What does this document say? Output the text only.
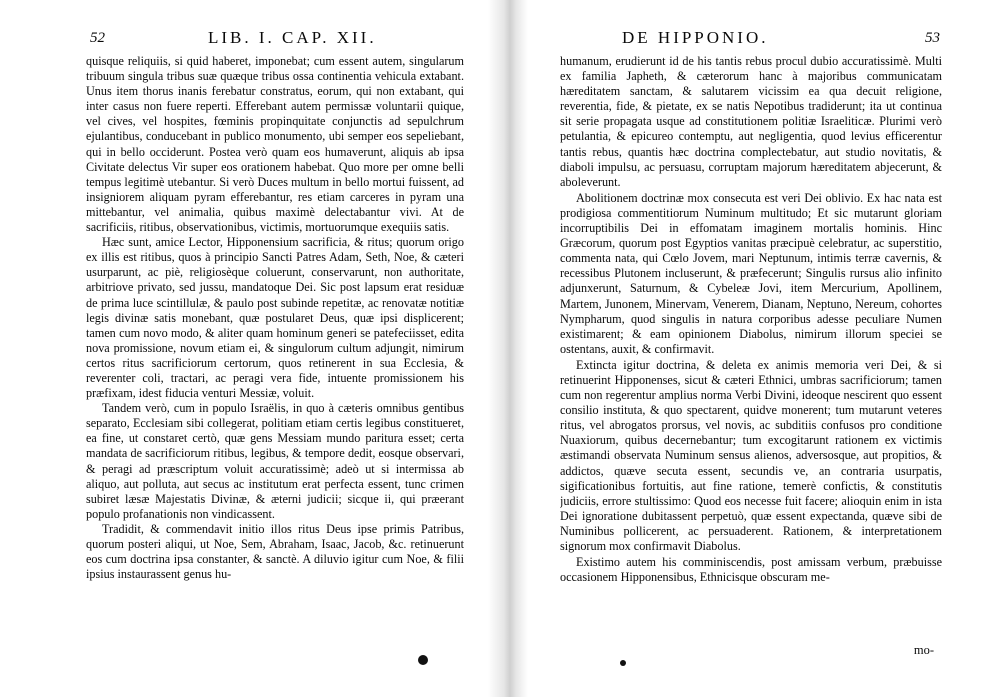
52	LIB. I. CAP. XII.

quisque reliquiis, si quid haberet, imponebat; cum essent autem, singularum tribuum singula tribus suæ quæque tribus ossa continentia vehicula extabant. Unus item thorus inanis ferebatur constratus, eorum, qui non extabant, qui inter casus non fuere reperti. Efferebant autem permissæ voluntarii quique, vel cives, vel hospites, fœminis propinquitate conjunctis ad sepulchrum ejulantibus, conducebant in publico monumento, ubi semper eos sepeliebant, qui in bello occiderunt. Postea verò quam eos humaverunt, aliquis ab ipsa Civitate delectus Vir super eos orationem habebat. Quo more per omne belli tempus legitimè utebantur. Si verò Duces multum in bello mortui fuissent, ad insigniorem aliquam pyram efferebantur, res etiam carceres in pyram una mittebantur, vel animalia, quibus maximè delectabantur vivi. At de sacrificiis, ritibus, observationibus, victimis, mortuorumque exequiis satis.

Hæc sunt, amice Lector, Hipponensium sacrificia, & ritus; quorum origo ex illis est ritibus, quos à principio Sancti Patres Adam, Seth, Noe, & cæteri usurparunt, ac piè, religiosèque coluerunt, conservarunt, non authoritate, arbitriove privato, sed jussu, mandatoque Dei. Sic post lapsum erat residuæ de prima luce scintillulæ, & paulo post subinde repetitæ, ac renovatæ notitiæ legis divinæ satis monebant, quæ postularet Deus, quæ ipsi displicerent; tamen cum novo modo, & aliter quam hominum generi se patefeciisset, edita nova promissione, novum etiam ei, & singulorum cultum adjungit, nimirum certos ritus sacrificiorum certorum, quos retinerent in sua Ecclesia, & reverenter coli, tractari, ac peragi vera fide, intuente promissionem his præfixam, idest fiducia venturi Messiæ, voluit.

Tandem verò, cum in populo Israëlis, in quo à cæteris omnibus gentibus separato, Ecclesiam sibi collegerat, politiam etiam certis legibus constitueret, ea fine, ut constaret certò, quæ gens Messiam mundo paritura esset; certa mandata de sacrificiorum ritibus, legibus, & tempore dedit, eosque observari, & peragi ad præscriptum voluit accuratissimè; adeò ut si intermissa ab aliquo, aut polluta, aut secus ac institutum erat perfecta essent, tunc crimen subiret læsæ Majestatis Divinæ, & æterni judicii; sicque ii, qui præerant populo profanationis non vindicassent.

Tradidit, & commendavit initio illos ritus Deus ipse primis Patribus, quorum posteri aliqui, ut Noe, Sem, Abraham, Isaac, Jacob, &c. retinuerunt eos cum doctrina ipsa constanter, & sanctè. A diluvio igitur cum Noe, & filii ipsius instaurassent genus hu-

DE HIPPONIO.	53

humanum, erudierunt id de his tantis rebus procul dubio accuratissimè. Multi ex familia Japheth, & cæterorum hanc à majoribus communicatam hæreditatem sanctam, & salutarem vicissim ea qua decuit religione, reverentia, fide, & pietate, ex se natis Nepotibus tradiderunt; ita ut continua sit serie propagata usque ad constitutionem politiæ Israeliticæ. Plurimi verò petulantia, & epicureo contemptu, aut negligentia, quod levius efficerentur tantis rebus, quantis hæc doctrina complectebatur, aut studio novitatis, & diaboli impulsu, ac persuasu, corruptam majorum hæreditatem abjecerunt, & aboleverunt.

Abolitionem doctrinæ mox consecuta est veri Dei oblivio. Ex hac nata est prodigiosa commentitiorum Numinum multitudo; Et sic mutarunt gloriam incorruptibilis Dei in effomatam imaginem mortalis hominis. Hinc Græcorum, quorum post Egyptios vanitas præcipuè celebratur, ac superstitio, commenta nata, qui Cœlo Jovem, mari Neptunum, intimis terræ cavernis, & recessibus Plutonem incluserunt, & præfecerunt; Singulis rursus alio infinito adjunxerunt, Saturnum, & Cybeleæ Jovi, item Mercurium, Apollinem, Martem, Junonem, Minervam, Venerem, Dianam, Neptuno, Nereum, cohortes Nympharum, quod singulis in natura corporibus adesse peculiare Numen existimarent; & eam opinionem Diabolus, nimirum illorum speciei se ostentans, auxit, & confirmavit.

Extincta igitur doctrina, & deleta ex animis memoria veri Dei, & si retinuerint Hipponenses, sicut & cæteri Ethnici, umbras sacrificiorum; tamen cum non regerentur amplius norma Verbi Divini, ideoque nescirent quo essent consilio instituta, & quo spectarent, quidve monerent; tum mutarunt veteres ritus, vel abrogatos prorsus, vel novis, ac subditiis confusos pro conditione Nuaxiorum, quibus decernebantur; tum excogitarunt rationem ex victimis æstimandi observata Numinum sensus alienos, adversosque, aut propitios, & addictos, quæve secuta essent, secundis ve, an contraria usurpatis, sigificationibus fortuitis, aut fine ratione, temerè confictis, & constitutis judiciis, errore stultissimo: Quod eos necesse fuit facere; alioquin enim in ista Dei ignoratione dubitassent perpetuò, quæ essent expectanda, quæve sibi de Numinibus pollicerent, ac persuaderent. Rationem, & interpretationem signorum mox confirmavit Diabolus.

Existimo autem his comminiscendis, post amissam verbum, præbuisse occasionem Hipponensibus, Ethnicisque obscuram me-

mo-
